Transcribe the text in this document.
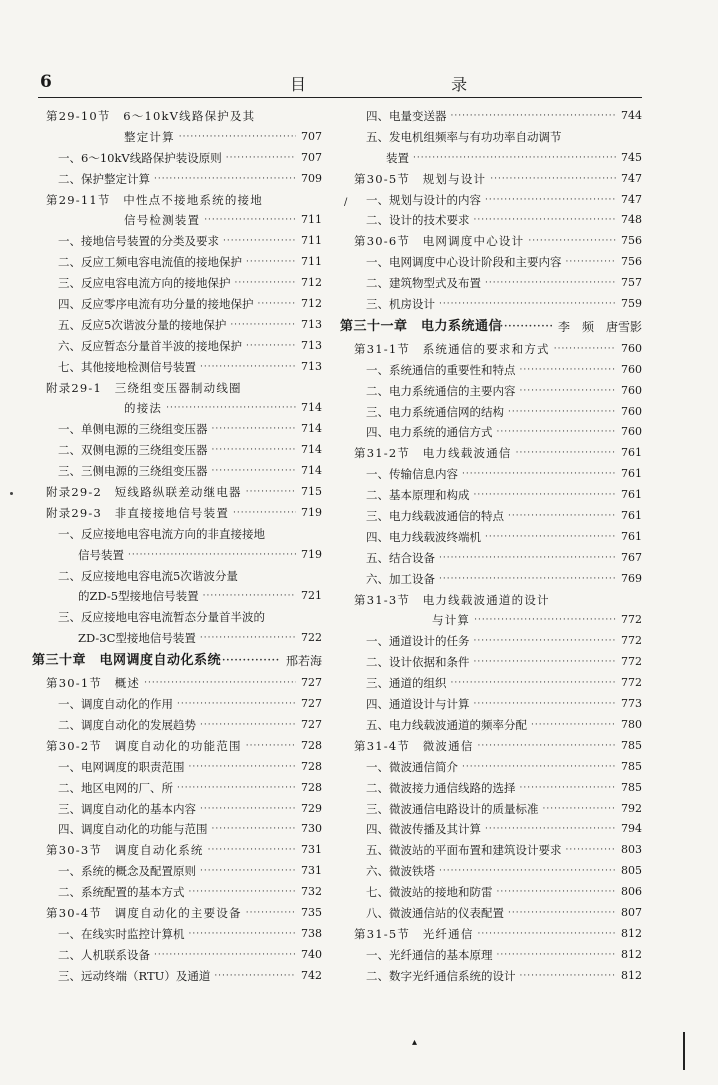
6	目 录
第29-10节　6～10kV线路保护及其
整定计算	707
·····
一、6～10kV线路保护装设原则	707
·····
二、保护整定计算	709
·····
第29-11节　中性点不接地系统的接地
信号检测装置	711
·····
一、接地信号装置的分类及要求	711
·····
二、反应工频电容电流值的接地保护	711
·····
三、反应电容电流方向的接地保护	712
·····
四、反应零序电流有功分量的接地保护	712
·····
五、反应5次谐波分量的接地保护	713
·····
六、反应暂态分量首半波的接地保护	713
·····
七、其他接地检测信号装置	713
·····
附录29-1　三绕组变压器制动线圈
的接法	714
·····
一、单侧电源的三绕组变压器	714
·····
二、双侧电源的三绕组变压器	714
·····
三、三侧电源的三绕组变压器	714
·····
附录29-2　短线路纵联差动继电器	715
·····
附录29-3　非直接接地信号装置	719
·····
一、反应接地电容电流方向的非直接接地
信号装置	719
·····
二、反应接地电容电流5次谐波分量
的ZD-5型接地信号装置	721
·····
三、反应接地电容电流暂态分量首半波的
ZD-3C型接地信号装置	722
·····
第三十章　电网调度自动化系统	邢若海
·····
第30-1节　概述	727
·····
一、调度自动化的作用	727
·····
二、调度自动化的发展趋势	727
·····
第30-2节　调度自动化的功能范围	728
·····
一、电网调度的职责范围	728
·····
二、地区电网的厂、所	728
·····
三、调度自动化的基本内容	729
·····
四、调度自动化的功能与范围	730
·····
第30-3节　调度自动化系统	731
·····
一、系统的概念及配置原则	731
·····
二、系统配置的基本方式	732
·····
第30-4节　调度自动化的主要设备	735
·····
一、在线实时监控计算机	738
·····
二、人机联系设备	740
·····
三、远动终端（RTU）及通道	742
·····
四、电量变送器	744
·····
五、发电机组频率与有功功率自动调节
装置	745
·····
第30-5节　规划与设计	747
·····
一、规划与设计的内容	747
·····
二、设计的技术要求	748
·····
第30-6节　电网调度中心设计	756
·····
一、电网调度中心设计阶段和主要内容	756
·····
二、建筑物型式及布置	757
·····
三、机房设计	759
·····
第三十一章　电力系统通信	李　频　唐雪影
·····
第31-1节　系统通信的要求和方式	760
·····
一、系统通信的重要性和特点	760
·····
二、电力系统通信的主要内容	760
·····
三、电力系统通信网的结构	760
·····
四、电力系统的通信方式	760
·····
第31-2节　电力线载波通信	761
·····
一、传输信息内容	761
·····
二、基本原理和构成	761
·····
三、电力线载波通信的特点	761
·····
四、电力线载波终端机	761
·····
五、结合设备	767
·····
六、加工设备	769
·····
第31-3节　电力线载波通道的设计
与计算	772
·····
一、通道设计的任务	772
·····
二、设计依据和条件	772
·····
三、通道的组织	772
·····
四、通道设计与计算	773
·····
五、电力线载波通道的频率分配	780
·····
第31-4节　微波通信	785
·····
一、微波通信简介	785
·····
二、微波接力通信线路的选择	785
·····
三、微波通信电路设计的质量标准	792
·····
四、微波传播及其计算	794
·····
五、微波站的平面布置和建筑设计要求	803
·····
六、微波铁塔	805
·····
七、微波站的接地和防雷	806
·····
八、微波通信站的仪表配置	807
·····
第31-5节　光纤通信	812
·····
一、光纤通信的基本原理	812
·····
二、数字光纤通信系统的设计	812
·····
/
▴
